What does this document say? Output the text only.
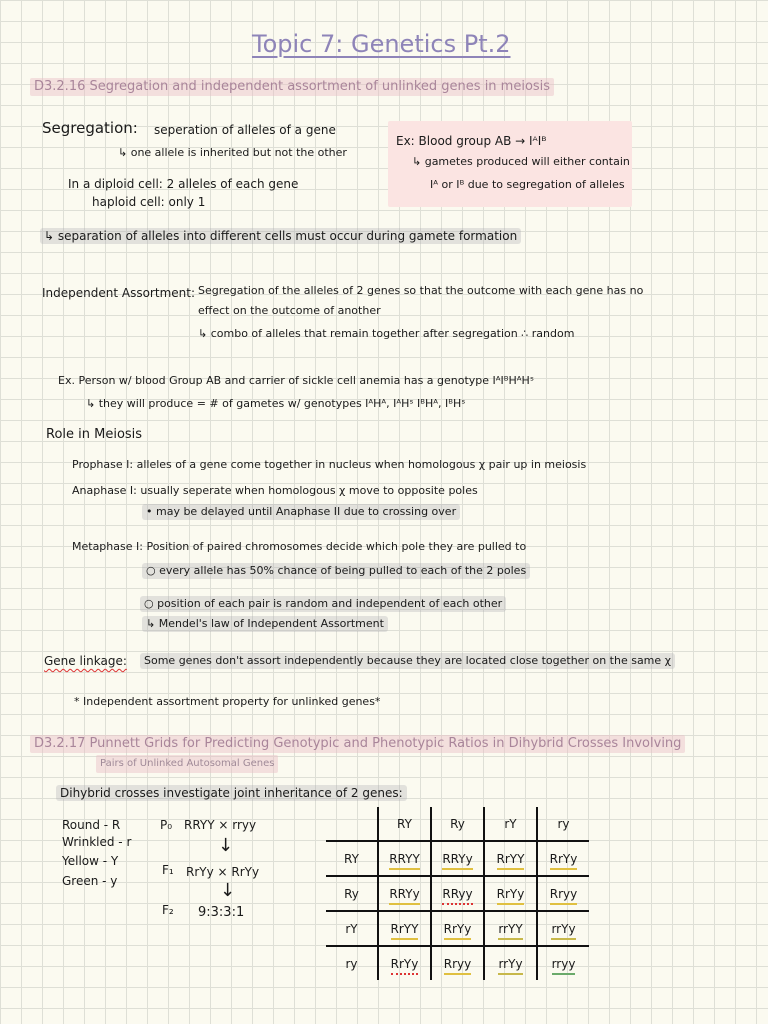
Topic 7: Genetics Pt.2
D3.2.16 Segregation and independent assortment of unlinked genes in meiosis
Segregation: seperation of alleles of a gene
↳ one allele is inherited but not the other
In a diploid cell: 2 alleles of each gene
haploid cell: only 1
↳ separation of alleles into different cells must occur during gamete formation
Ex: Blood group AB → IᴬIᴮ
↳ gametes produced will either contain
Iᴬ or Iᴮ due to segregation of alleles
Independent Assortment: Segregation of the alleles of 2 genes so that the outcome with each gene has no
effect on the outcome of another
↳ combo of alleles that remain together after segregation ∴ random
Ex. Person w/ blood Group AB and carrier of sickle cell anemia has a genotype IᴬIᴮHᴬHˢ
↳ they will produce = # of gametes w/ genotypes IᴬHᴬ, IᴬHˢ IᴮHᴬ, IᴮHˢ
Role in Meiosis
Prophase I: alleles of a gene come together in nucleus when homologous χ pair up in meiosis
Anaphase I: usually seperate when homologous χ move to opposite poles
• may be delayed until Anaphase II due to crossing over
Metaphase I: Position of paired chromosomes decide which pole they are pulled to
○ every allele has 50% chance of being pulled to each of the 2 poles
○ position of each pair is random and independent of each other
↳ Mendel's law of Independent Assortment
Gene linkage:	Some genes don't assort independently because they are located close together on the same χ
* Independent assortment property for unlinked genes*
D3.2.17 Punnett Grids for Predicting Genotypic and Phenotypic Ratios in Dihybrid Crosses Involving
Pairs of Unlinked Autosomal Genes
Dihybrid crosses investigate joint inheritance of 2 genes:
Round - R
Wrinkled - r
Yellow - Y
Green - y
P₀ RRYY × rryy
↓
F₁ RrYy × RrYy
↓
F₂ 9:3:3:1
	RY	Ry	rY	ry
RY	RRYY	RRYy	RrYY	RrYy
Ry	RRYy	RRyy	RrYy	Rryy
rY	RrYY	RrYy	rrYY	rrYy
ry	RrYy	Rryy	rrYy	rryy
